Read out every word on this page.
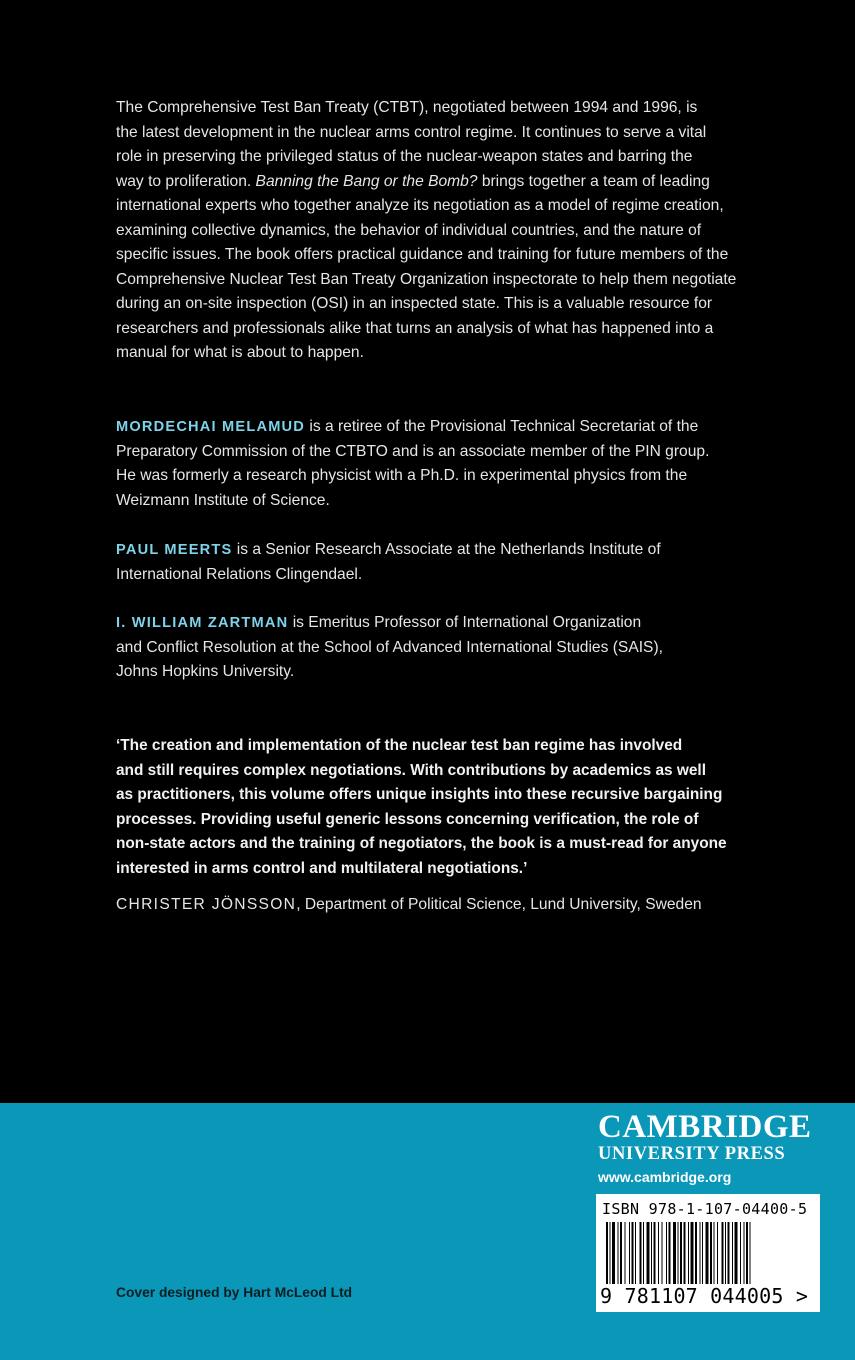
The Comprehensive Test Ban Treaty (CTBT), negotiated between 1994 and 1996, is

the latest development in the nuclear arms control regime. It continues to serve a vital

role in preserving the privileged status of the nuclear-weapon states and barring the

way to proliferation. Banning the Bang or the Bomb? brings together a team of leading

international experts who together analyze its negotiation as a model of regime creation,

examining collective dynamics, the behavior of individual countries, and the nature of

specific issues. The book offers practical guidance and training for future members of the

Comprehensive Nuclear Test Ban Treaty Organization inspectorate to help them negotiate

during an on-site inspection (OSI) in an inspected state. This is a valuable resource for

researchers and professionals alike that turns an analysis of what has happened into a

manual for what is about to happen.

MORDECHAI MELAMUD is a retiree of the Provisional Technical Secretariat of the

Preparatory Commission of the CTBTO and is an associate member of the PIN group.

He was formerly a research physicist with a Ph.D. in experimental physics from the

Weizmann Institute of Science.

PAUL MEERTS is a Senior Research Associate at the Netherlands Institute of

International Relations Clingendael.

I. WILLIAM ZARTMAN is Emeritus Professor of International Organization

and Conflict Resolution at the School of Advanced International Studies (SAIS),

Johns Hopkins University.

‘The creation and implementation of the nuclear test ban regime has involved

and still requires complex negotiations. With contributions by academics as well

as practitioners, this volume offers unique insights into these recursive bargaining

processes. Providing useful generic lessons concerning verification, the role of

non-state actors and the training of negotiators, the book is a must-read for anyone

interested in arms control and multilateral negotiations.’

CHRISTER JÖNSSON, Department of Political Science, Lund University, Sweden

CAMBRIDGE
UNIVERSITY PRESS
www.cambridge.org
ISBN 978-1-107-04400-5
9 781107 044005 >
Cover designed by Hart McLeod Ltd
